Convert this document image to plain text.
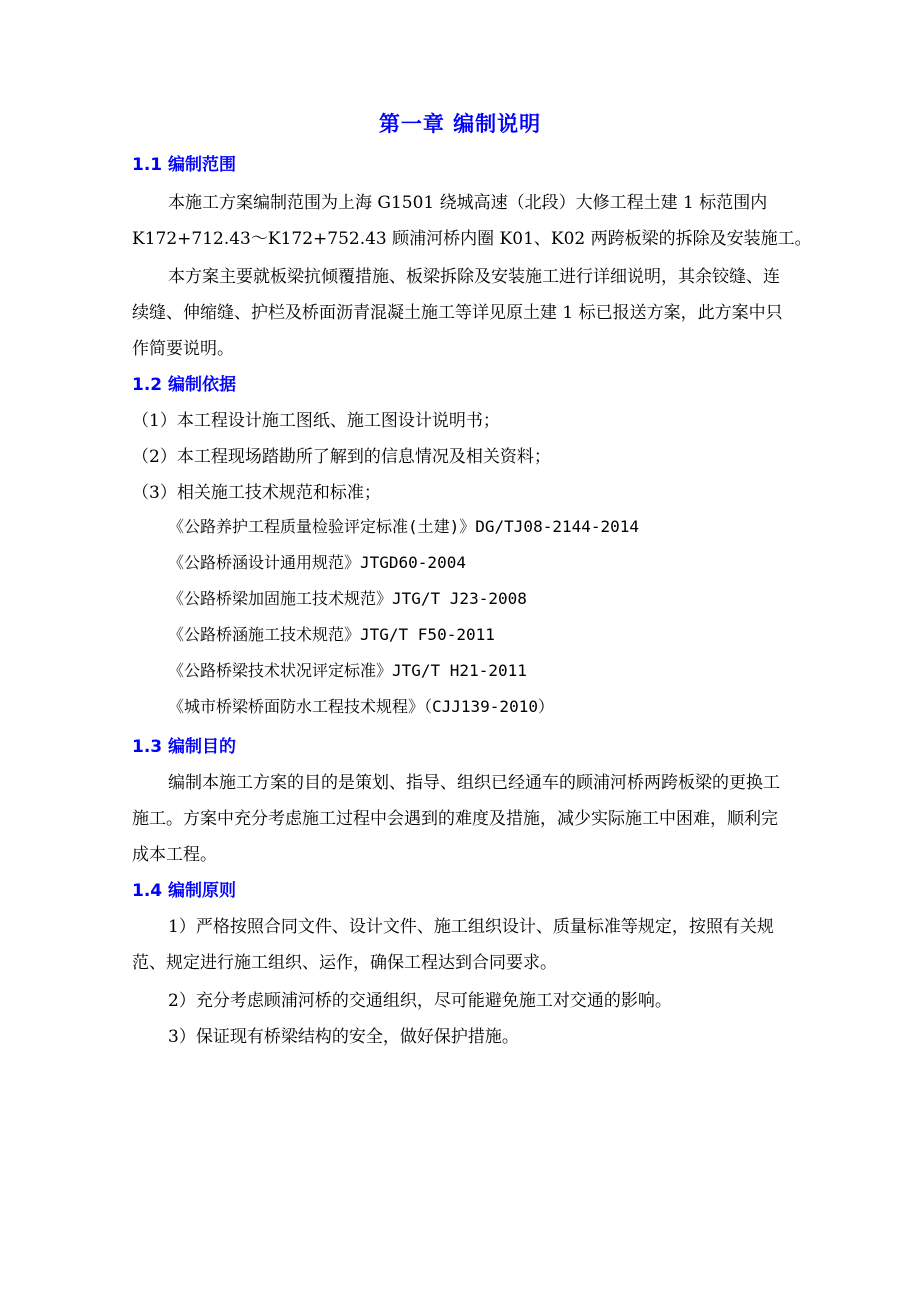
第一章 编制说明
1.1 编制范围
本施工方案编制范围为上海 G1501 绕城高速（北段）大修工程土建 1 标范围内
K172+712.43～K172+752.43 顾浦河桥内圈 K01、K02 两跨板梁的拆除及安装施工。
本方案主要就板梁抗倾覆措施、板梁拆除及安装施工进行详细说明，其余铰缝、连
续缝、伸缩缝、护栏及桥面沥青混凝土施工等详见原土建 1 标已报送方案，此方案中只
作简要说明。
1.2 编制依据
（1）本工程设计施工图纸、施工图设计说明书；
（2）本工程现场踏勘所了解到的信息情况及相关资料；
（3）相关施工技术规范和标准；
《公路养护工程质量检验评定标准(土建)》DG/TJ08-2144-2014
《公路桥涵设计通用规范》JTGD60-2004
《公路桥梁加固施工技术规范》JTG/T J23-2008
《公路桥涵施工技术规范》JTG/T F50-2011
《公路桥梁技术状况评定标准》JTG/T H21-2011
《城市桥梁桥面防水工程技术规程》（CJJ139-2010）
1.3 编制目的
编制本施工方案的目的是策划、指导、组织已经通车的顾浦河桥两跨板梁的更换工
施工。方案中充分考虑施工过程中会遇到的难度及措施，减少实际施工中困难，顺利完
成本工程。
1.4 编制原则
1）严格按照合同文件、设计文件、施工组织设计、质量标准等规定，按照有关规
范、规定进行施工组织、运作，确保工程达到合同要求。
2）充分考虑顾浦河桥的交通组织，尽可能避免施工对交通的影响。
3）保证现有桥梁结构的安全，做好保护措施。
